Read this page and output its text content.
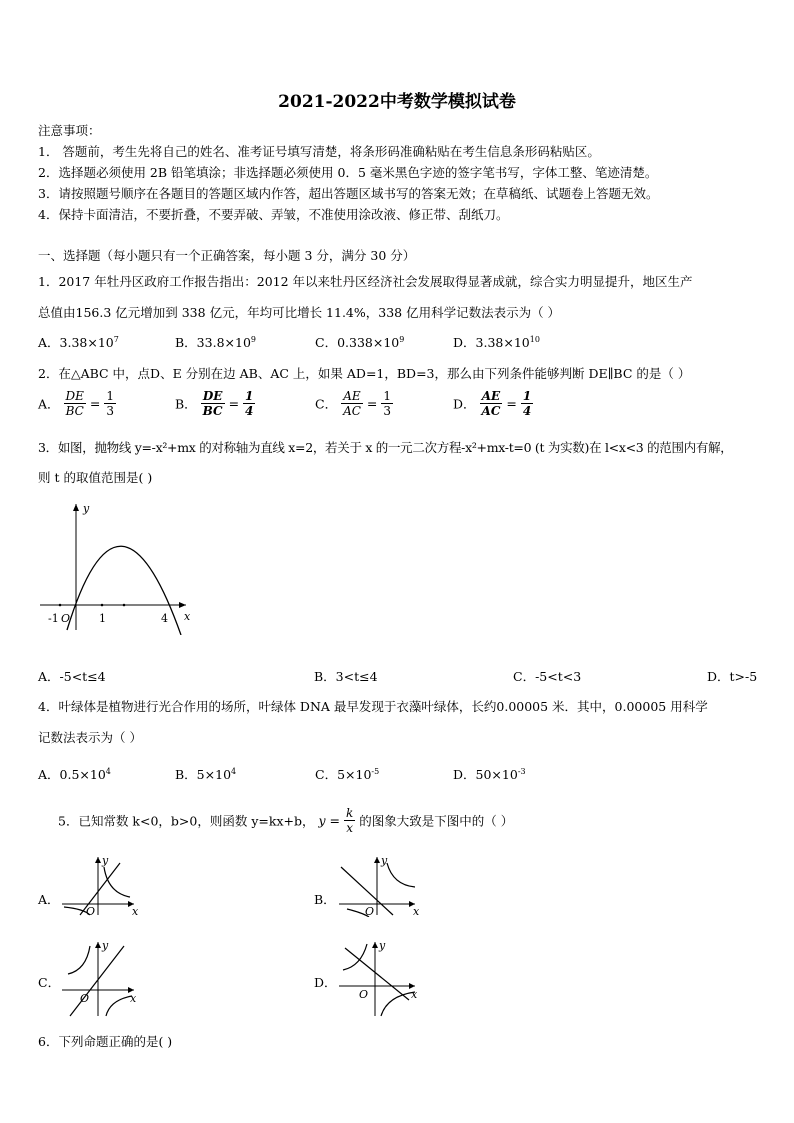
2021-2022中考数学模拟试卷
注意事项：
1． 答题前，考生先将自己的姓名、准考证号填写清楚，将条形码准确粘贴在考生信息条形码粘贴区。
2．选择题必须使用 2B 铅笔填涂；非选择题必须使用 0．5 毫米黑色字迹的签字笔书写，字体工整、笔迹清楚。
3．请按照题号顺序在各题目的答题区域内作答，超出答题区域书写的答案无效；在草稿纸、试题卷上答题无效。
4．保持卡面清洁，不要折叠，不要弄破、弄皱，不准使用涂改液、修正带、刮纸刀。
一、选择题（每小题只有一个正确答案，每小题 3 分，满分 30 分）
1．2017 年牡丹区政府工作报告指出：2012 年以来牡丹区经济社会发展取得显著成就，综合实力明显提升，地区生产
总值由156.3 亿元增加到 338 亿元，年均可比增长 11.4%，338 亿用科学记数法表示为（ ）
A．$3.38\times 10^7$	B．$33.8\times 10^9$	C．$0.338\times 10^9$	D．$3.38\times 10^{10}$
2．在△ABC 中，点D、E 分别在边 AB、AC 上，如果 AD=1，BD=3，那么由下列条件能够判断 DE∥BC 的是（ ）
A． $\frac{DE}{BC} = \frac{1}{3}$	B． $\frac{DE}{BC} = \frac{1}{4}$	C． $\frac{AE}{AC} = \frac{1}{3}$	D． $\frac{AE}{AC} = \frac{1}{4}$
3．如图，抛物线 y=-x²+mx 的对称轴为直线 x=2，若关于 x 的一元二次方程-x²+mx-t=0 (t 为实数)在 l<x<3 的范围内有解，
则 t 的取值范围是( )
y
x
-1 O	1	4
A．-5<t≤4	B．3<t≤4	C．-5<t<3	D．t>-5
4．叶绿体是植物进行光合作用的场所，叶绿体 DNA 最早发现于衣藻叶绿体，长约0.00005 米．其中，0.00005 用科学
记数法表示为（ ）
A．$0.5\times 10^4$	B．$5\times 10^4$	C．$5\times 10^{-5}$	D．$50\times 10^{-3}$
5．已知常数 k<0，b>0，则函数 y=kx+b， $y = \frac{k}{x}$ 的图象大致是下图中的（ ）
A．
y
x
O
B．
y
x
O
C．
y
x
O
D．
y
x
O
6．下列命题正确的是( )
